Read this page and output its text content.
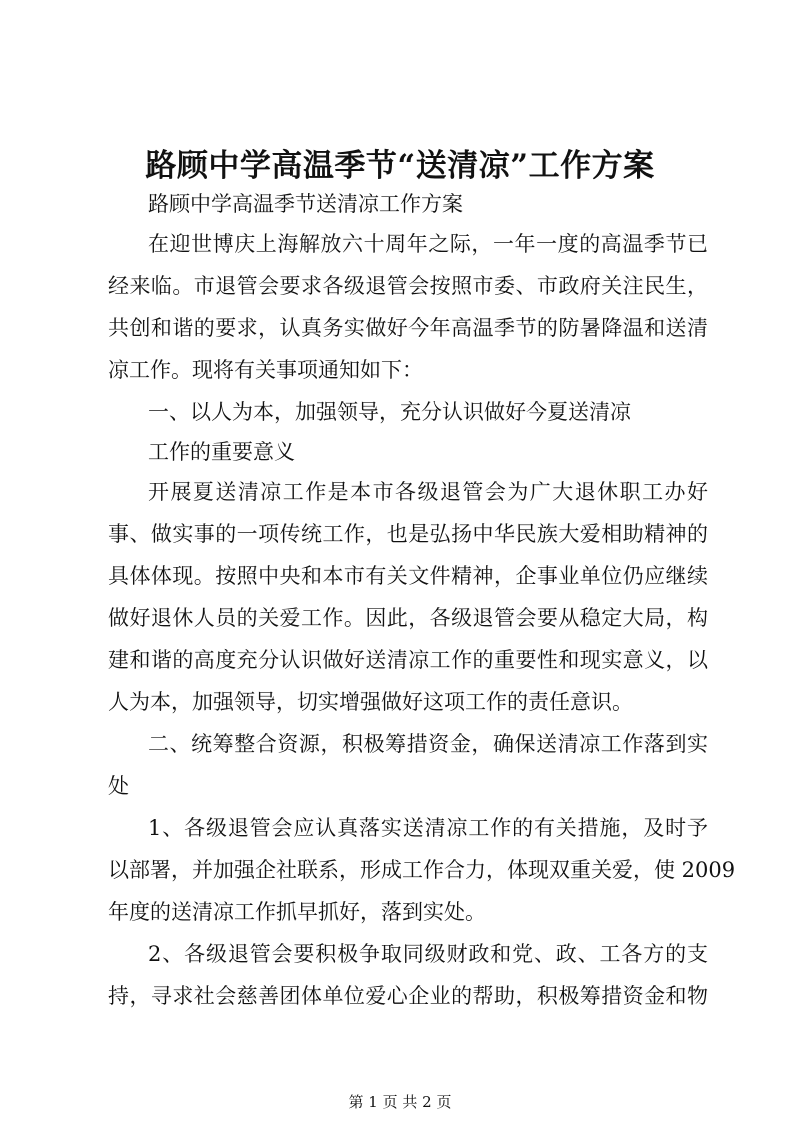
路顾中学高温季节“送清凉”工作方案
路顾中学高温季节送清凉工作方案
在迎世博庆上海解放六十周年之际，一年一度的高温季节已
经来临。市退管会要求各级退管会按照市委、市政府关注民生，
共创和谐的要求，认真务实做好今年高温季节的防暑降温和送清
凉工作。现将有关事项通知如下：
一、以人为本，加强领导，充分认识做好今夏送清凉
工作的重要意义
开展夏送清凉工作是本市各级退管会为广大退休职工办好
事、做实事的一项传统工作，也是弘扬中华民族大爱相助精神的
具体体现。按照中央和本市有关文件精神，企事业单位仍应继续
做好退休人员的关爱工作。因此，各级退管会要从稳定大局，构
建和谐的高度充分认识做好送清凉工作的重要性和现实意义，以
人为本，加强领导，切实增强做好这项工作的责任意识。
二、统筹整合资源，积极筹措资金，确保送清凉工作落到实
处
1、各级退管会应认真落实送清凉工作的有关措施，及时予
以部署，并加强企社联系，形成工作合力，体现双重关爱，使 2009
年度的送清凉工作抓早抓好，落到实处。
2、各级退管会要积极争取同级财政和党、政、工各方的支
持，寻求社会慈善团体单位爱心企业的帮助，积极筹措资金和物
第 1 页 共 2 页
